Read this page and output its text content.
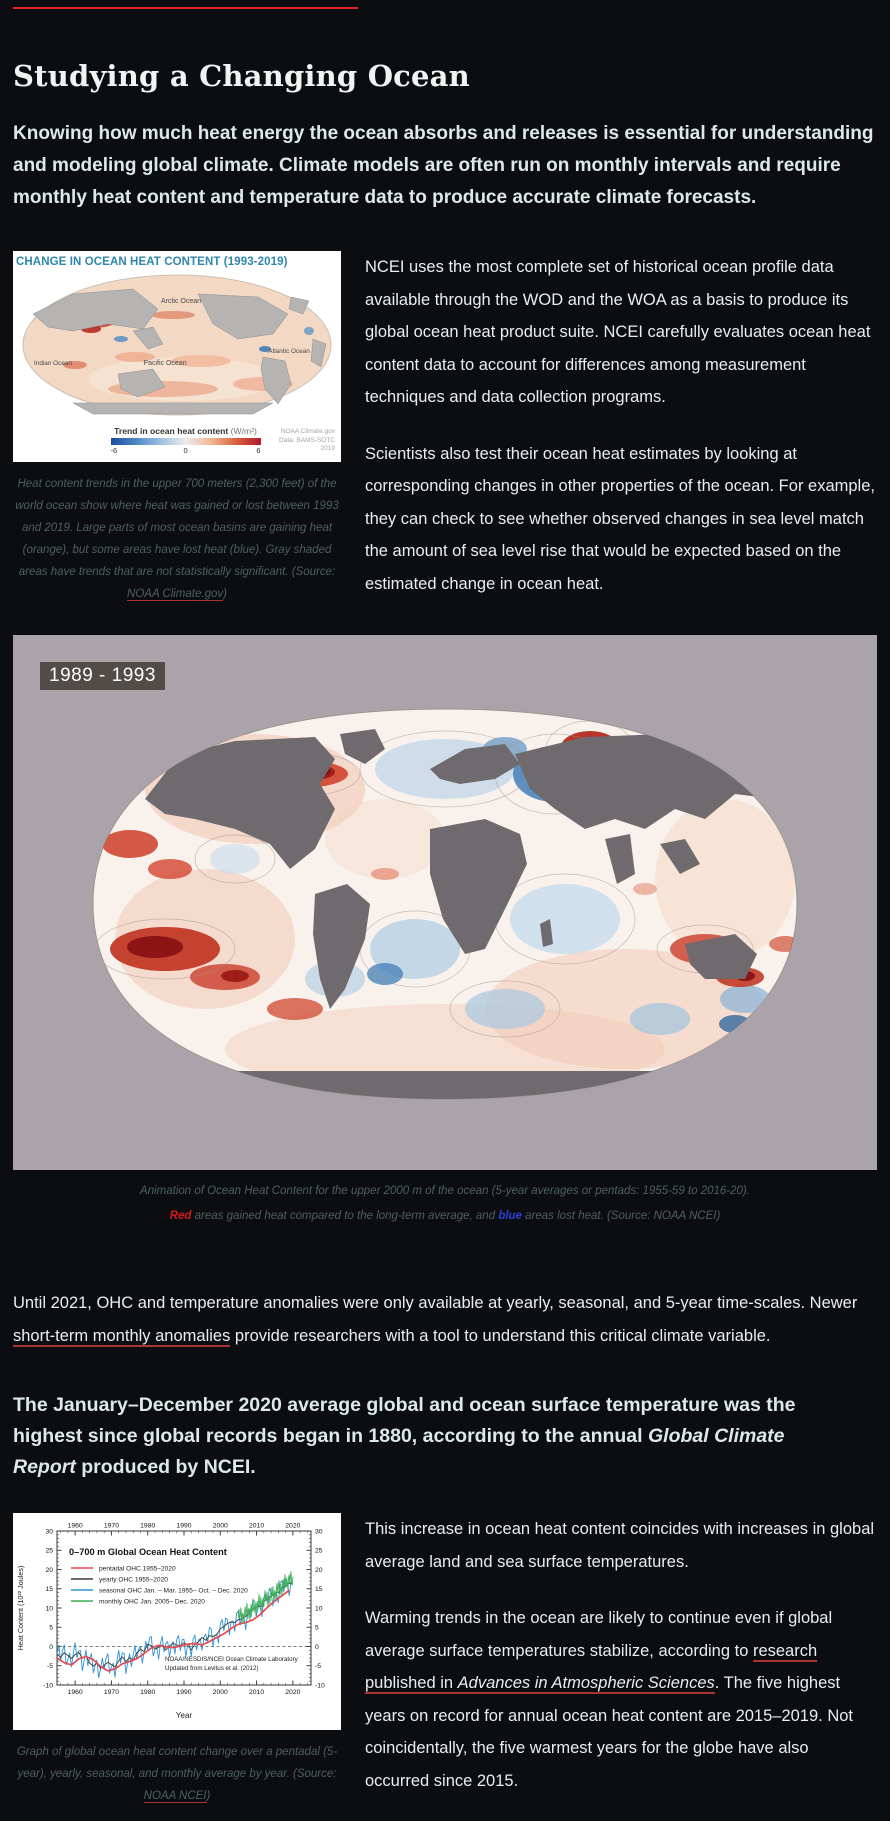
Studying a Changing Ocean

Knowing how much heat energy the ocean absorbs and releases is essential for understanding and modeling global climate. Climate models are often run on monthly intervals and require monthly heat content and temperature data to produce accurate climate forecasts.

CHANGE IN OCEAN HEAT CONTENT (1993-2019)
Arctic Ocean
Pacific Ocean
Atlantic Ocean
Indian Ocean
Trend in ocean heat content (W/m²)
-6	0	6
NOAA Climate.gov
Data: BAMS-SOTC 2019
Heat content trends in the upper 700 meters (2,300 feet) of the world ocean show where heat was gained or lost between 1993 and 2019. Large parts of most ocean basins are gaining heat (orange), but some areas have lost heat (blue). Gray shaded areas have trends that are not statistically significant. (Source: NOAA Climate.gov)

NCEI uses the most complete set of historical ocean profile data available through the WOD and the WOA as a basis to produce its global ocean heat product suite. NCEI carefully evaluates ocean heat content data to account for differences among measurement techniques and data collection programs.

Scientists also test their ocean heat estimates by looking at corresponding changes in other properties of the ocean. For example, they can check to see whether observed changes in sea level match the amount of sea level rise that would be expected based on the estimated change in ocean heat.

1989 - 1993
Animation of Ocean Heat Content for the upper 2000 m of the ocean (5-year averages or pentads: 1955-59 to 2016-20).
Red areas gained heat compared to the long-term average, and blue areas lost heat. (Source: NOAA NCEI)

Until 2021, OHC and temperature anomalies were only available at yearly, seasonal, and 5-year time-scales. Newer short-term monthly anomalies provide researchers with a tool to understand this critical climate variable.

The January–December 2020 average global and ocean surface temperature was the highest since global records began in 1880, according to the annual Global Climate Report produced by NCEI.

0–700 m Global Ocean Heat Content
Heat Content (10²² Joules)
Year
NOAA/NESDIS/NCEI Ocean Climate Laboratory
Updated from Levitus et al. (2012)
1960
1960
1970
1970
1980
1980
1990
1990
2000
2000
2010
2010
2020
2020
-10	-10
-5	-5
0	0
5	5
10	10
15	15
20	20
25	25
30	30
pentadal OHC 1955–2020
yearly OHC 1955–2020
seasonal OHC Jan. – Mar. 1955– Oct. – Dec. 2020
monthly OHC Jan. 2005– Dec. 2020
Graph of global ocean heat content change over a pentadal (5-year), yearly, seasonal, and monthly average by year. (Source: NOAA NCEI)

This increase in ocean heat content coincides with increases in global average land and sea surface temperatures.

Warming trends in the ocean are likely to continue even if global average surface temperatures stabilize, according to research published in Advances in Atmospheric Sciences. The five highest years on record for annual ocean heat content are 2015–2019. Not coincidentally, the five warmest years for the globe have also occurred since 2015.
